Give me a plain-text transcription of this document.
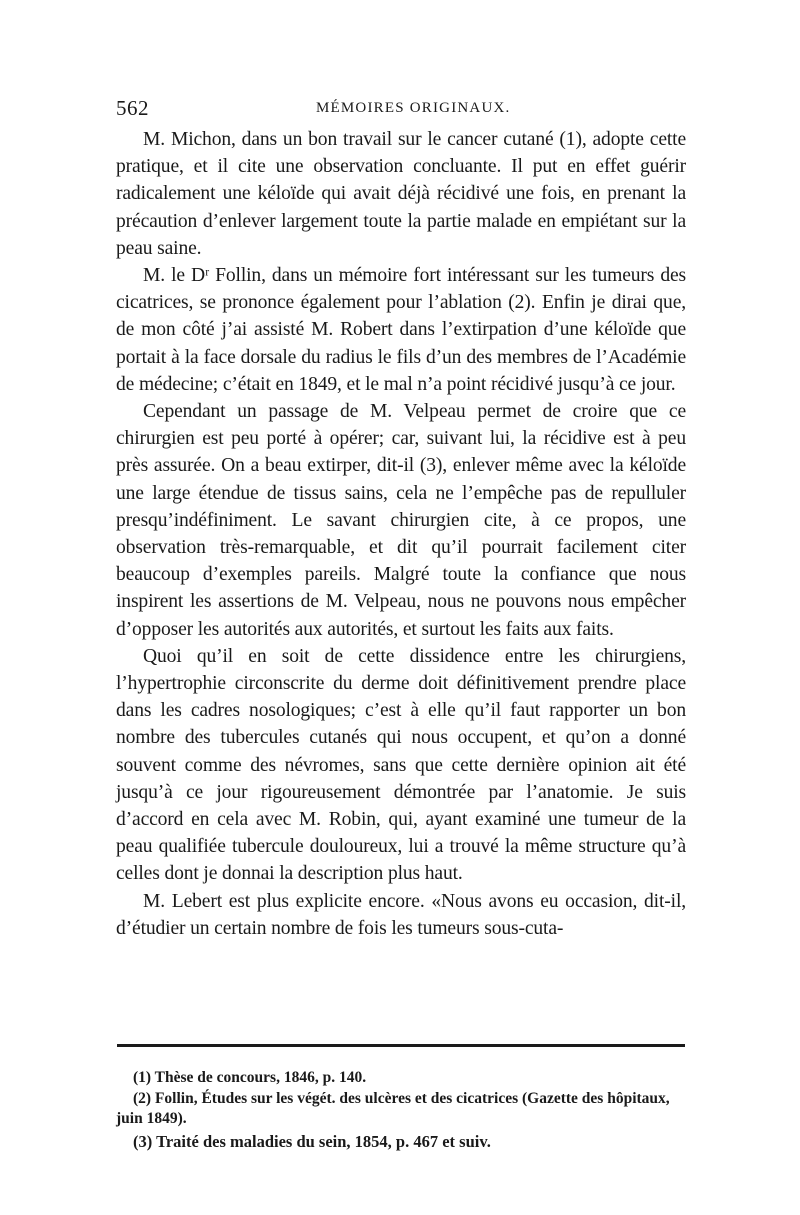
562	MÉMOIRES ORIGINAUX.

M. Michon, dans un bon travail sur le cancer cutané (1), adopte cette pratique, et il cite une observation concluante. Il put en effet guérir radicalement une kéloïde qui avait déjà récidivé une fois, en prenant la précaution d’enlever largement toute la partie malade en empiétant sur la peau saine.

M. le Dʳ Follin, dans un mémoire fort intéressant sur les tumeurs des cicatrices, se prononce également pour l’ablation (2). Enfin je dirai que, de mon côté j’ai assisté M. Robert dans l’extirpation d’une kéloïde que portait à la face dorsale du radius le fils d’un des membres de l’Académie de médecine; c’était en 1849, et le mal n’a point récidivé jusqu’à ce jour.

Cependant un passage de M. Velpeau permet de croire que ce chirurgien est peu porté à opérer; car, suivant lui, la récidive est à peu près assurée. On a beau extirper, dit-il (3), enlever même avec la kéloïde une large étendue de tissus sains, cela ne l’empêche pas de repulluler presqu’indéfiniment. Le savant chirurgien cite, à ce propos, une observation très-remarquable, et dit qu’il pourrait facilement citer beaucoup d’exemples pareils. Malgré toute la confiance que nous inspirent les assertions de M. Velpeau, nous ne pouvons nous empêcher d’opposer les autorités aux autorités, et surtout les faits aux faits.

Quoi qu’il en soit de cette dissidence entre les chirurgiens, l’hypertrophie circonscrite du derme doit définitivement prendre place dans les cadres nosologiques; c’est à elle qu’il faut rapporter un bon nombre des tubercules cutanés qui nous occupent, et qu’on a donné souvent comme des névromes, sans que cette dernière opinion ait été jusqu’à ce jour rigoureusement démontrée par l’anatomie. Je suis d’accord en cela avec M. Robin, qui, ayant examiné une tumeur de la peau qualifiée tubercule douloureux, lui a trouvé la même structure qu’à celles dont je donnai la description plus haut.

M. Lebert est plus explicite encore. «Nous avons eu occasion, dit-il, d’étudier un certain nombre de fois les tumeurs sous-cuta-

(1) Thèse de concours, 1846, p. 140.

(2) Follin, Études sur les végét. des ulcères et des cicatrices (Gazette des hôpitaux, juin 1849).

(3) Traité des maladies du sein, 1854, p. 467 et suiv.
